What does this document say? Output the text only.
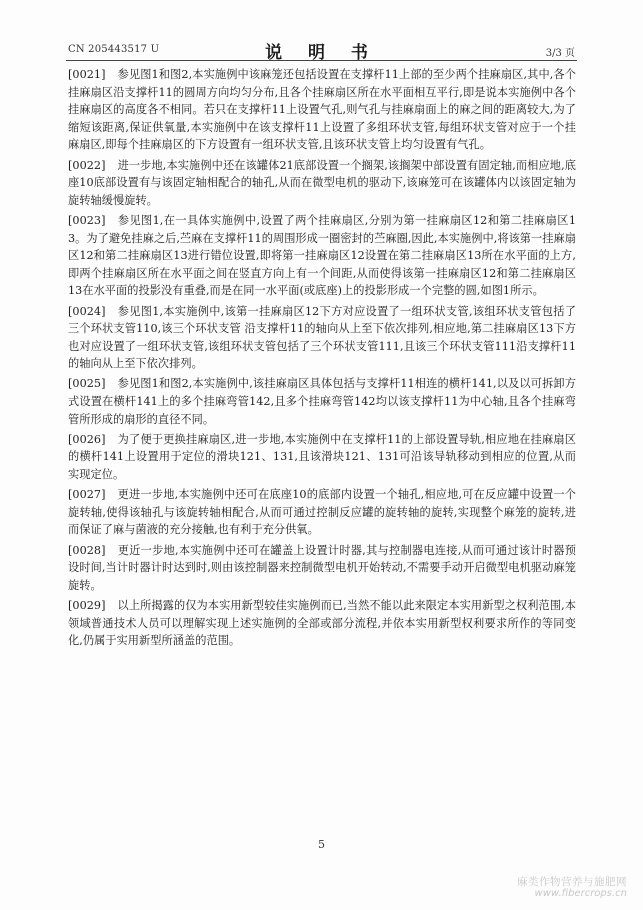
CN 205443517 U	说 明 书	3/3 页

[0021] 参见图1和图2,本实施例中该麻笼还包括设置在支撑杆11上部的至少两个挂麻扇区,其中,各个挂麻扇区沿支撑杆11的圆周方向均匀分布,且各个挂麻扇区所在水平面相互平行,即是说本实施例中各个挂麻扇区的高度各不相同。若只在支撑杆11上设置气孔,则气孔与挂麻扇面上的麻之间的距离较大,为了缩短该距离,保证供氧量,本实施例中在该支撑杆11上设置了多组环状支管,每组环状支管对应于一个挂麻扇区,即每个挂麻扇区的下方设置有一组环状支管,且该环状支管上均匀设置有气孔。

[0022] 进一步地,本实施例中还在该罐体21底部设置一个搁架,该搁架中部设置有固定轴,而相应地,底座10底部设置有与该固定轴相配合的轴孔,从而在微型电机的驱动下,该麻笼可在该罐体内以该固定轴为旋转轴缓慢旋转。

[0023] 参见图1,在一具体实施例中,设置了两个挂麻扇区,分别为第一挂麻扇区12和第二挂麻扇区13。为了避免挂麻之后,苎麻在支撑杆11的周围形成一圈密封的苎麻圈,因此,本实施例中,将该第一挂麻扇区12和第二挂麻扇区13进行错位设置,即将第一挂麻扇区12设置在第二挂麻扇区13所在水平面的上方,即两个挂麻扇区所在水平面之间在竖直方向上有一个间距,从而使得该第一挂麻扇区12和第二挂麻扇区13在水平面的投影没有重叠,而是在同一水平面(或底座)上的投影形成一个完整的圆,如图1所示。

[0024] 参见图1,本实施例中,该第一挂麻扇区12下方对应设置了一组环状支管,该组环状支管包括了三个环状支管110,该三个环状支管 沿支撑杆11的轴向从上至下依次排列,相应地,第二挂麻扇区13下方也对应设置了一组环状支管,该组环状支管包括了三个环状支管111,且该三个环状支管111沿支撑杆11的轴向从上至下依次排列。

[0025] 参见图1和图2,本实施例中,该挂麻扇区具体包括与支撑杆11相连的横杆141,以及以可拆卸方式设置在横杆141上的多个挂麻弯管142,且多个挂麻弯管142均以该支撑杆11为中心轴,且各个挂麻弯管所形成的扇形的直径不同。

[0026] 为了便于更换挂麻扇区,进一步地,本实施例中在支撑杆11的上部设置导轨,相应地在挂麻扇区的横杆141上设置用于定位的滑块121、131,且该滑块121、131可沿该导轨移动到相应的位置,从而实现定位。

[0027] 更进一步地,本实施例中还可在底座10的底部内设置一个轴孔,相应地,可在反应罐中设置一个旋转轴,使得该轴孔与该旋转轴相配合,从而可通过控制反应罐的旋转轴的旋转,实现整个麻笼的旋转,进而保证了麻与菌液的充分接触,也有利于充分供氧。

[0028] 更近一步地,本实施例中还可在罐盖上设置计时器,其与控制器电连接,从而可通过该计时器预设时间,当计时器计时达到时,则由该控制器来控制微型电机开始转动,不需要手动开启微型电机驱动麻笼旋转。

[0029] 以上所揭露的仅为本实用新型较佳实施例而已,当然不能以此来限定本实用新型之权利范围,本领域普通技术人员可以理解实现上述实施例的全部或部分流程,并依本实用新型权利要求所作的等同变 化,仍属于实用新型所涵盖的范围。

5
麻类作物营养与施肥网
www.fibercrops.cn
